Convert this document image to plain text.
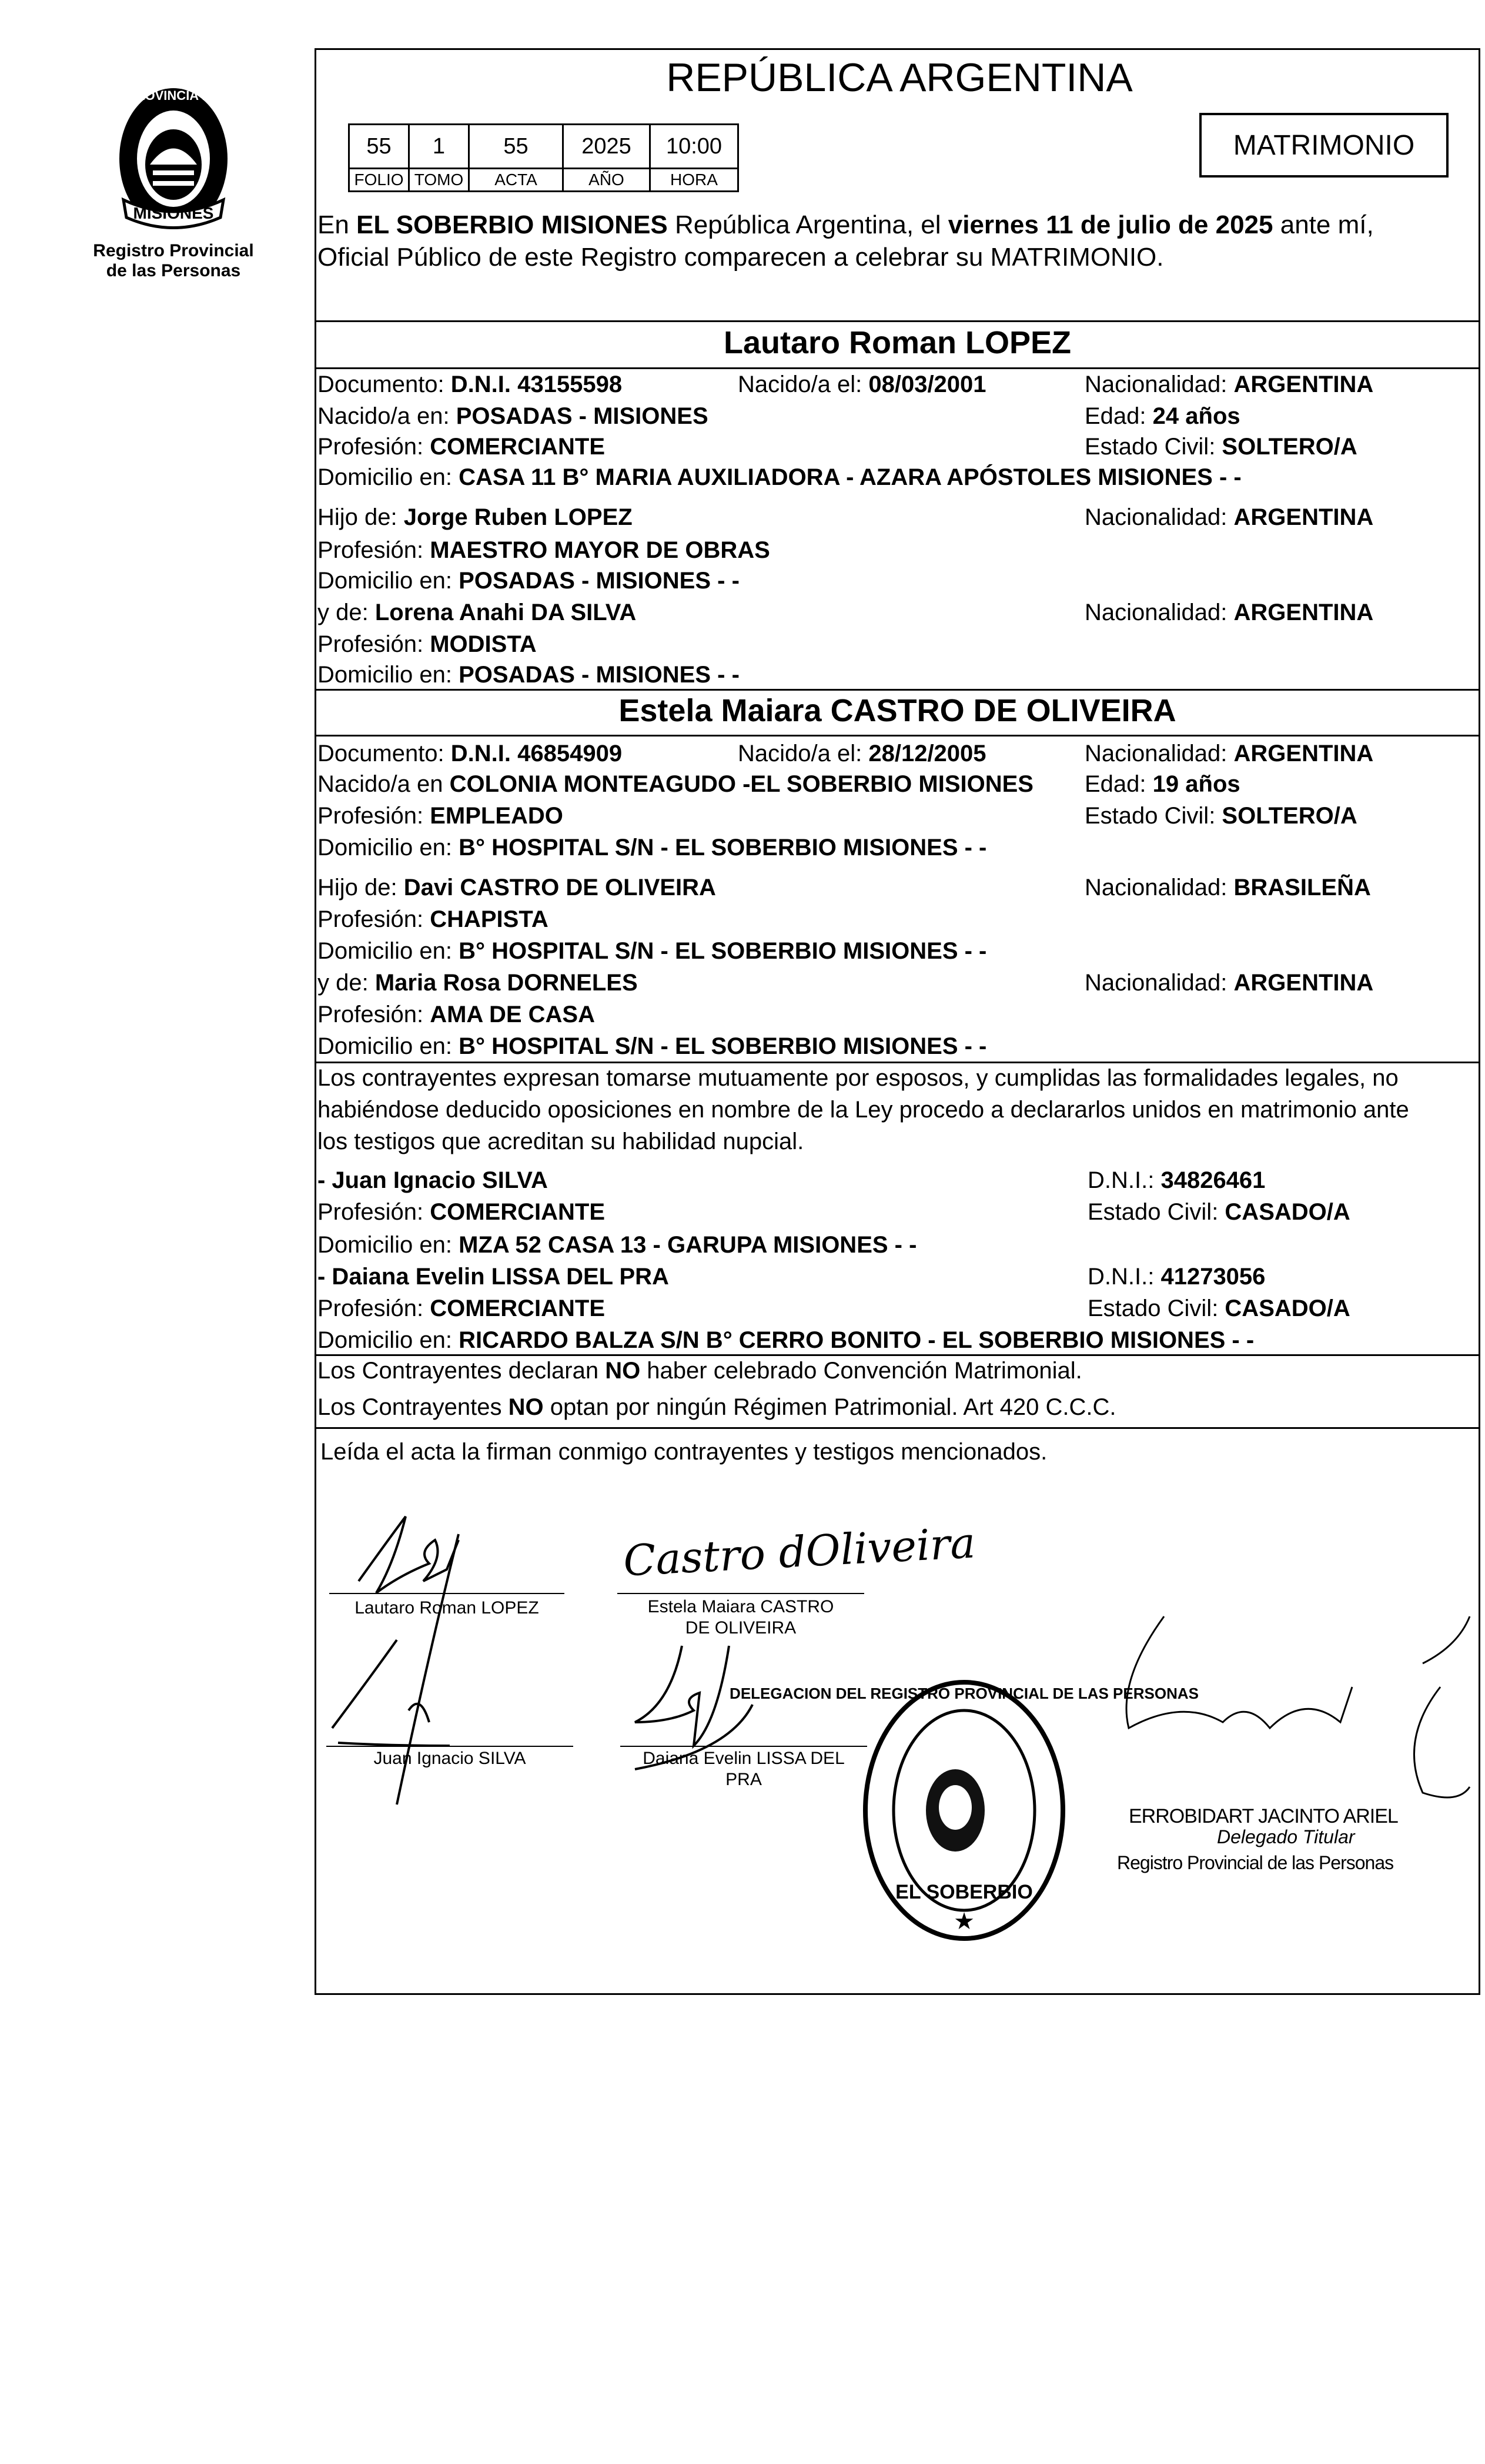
MISIONES
PROVINCIA DE
Registro Provincial
de las Personas
REPÚBLICA ARGENTINA
55
FOLIO
1
TOMO
55
ACTA
2025
AÑO
10:00
HORA
MATRIMONIO
En EL SOBERBIO MISIONES República Argentina, el viernes 11 de julio de 2025 ante mí,
Oficial Público de este Registro comparecen a celebrar su MATRIMONIO.
Lautaro Roman LOPEZ
Documento: D.N.I. 43155598	Nacido/a el: 08/03/2001	Nacionalidad: ARGENTINA
Nacido/a en: POSADAS - MISIONES	Edad: 24 años
Profesión: COMERCIANTE	Estado Civil: SOLTERO/A
Domicilio en: CASA 11 B° MARIA AUXILIADORA - AZARA APÓSTOLES MISIONES - -
Hijo de: Jorge Ruben LOPEZ	Nacionalidad: ARGENTINA
Profesión: MAESTRO MAYOR DE OBRAS
Domicilio en: POSADAS - MISIONES - -
y de: Lorena Anahi DA SILVA	Nacionalidad: ARGENTINA
Profesión: MODISTA
Domicilio en: POSADAS - MISIONES - -
Estela Maiara CASTRO DE OLIVEIRA
Documento: D.N.I. 46854909	Nacido/a el: 28/12/2005	Nacionalidad: ARGENTINA
Nacido/a en COLONIA MONTEAGUDO -EL SOBERBIO MISIONES Edad: 19 años
Profesión: EMPLEADO	Estado Civil: SOLTERO/A
Domicilio en: B° HOSPITAL S/N - EL SOBERBIO MISIONES - -
Hijo de: Davi CASTRO DE OLIVEIRA	Nacionalidad: BRASILEÑA
Profesión: CHAPISTA
Domicilio en: B° HOSPITAL S/N - EL SOBERBIO MISIONES - -
y de: Maria Rosa DORNELES	Nacionalidad: ARGENTINA
Profesión: AMA DE CASA
Domicilio en: B° HOSPITAL S/N - EL SOBERBIO MISIONES - -
Los contrayentes expresan tomarse mutuamente por esposos, y cumplidas las formalidades legales, no
habiéndose deducido oposiciones en nombre de la Ley procedo a declararlos unidos en matrimonio ante
los testigos que acreditan su habilidad nupcial.
- Juan Ignacio SILVA	D.N.I.: 34826461
Profesión: COMERCIANTE	Estado Civil: CASADO/A
Domicilio en: MZA 52 CASA 13 - GARUPA MISIONES - -
- Daiana Evelin LISSA DEL PRA	D.N.I.: 41273056
Profesión: COMERCIANTE	Estado Civil: CASADO/A
Domicilio en: RICARDO BALZA S/N B° CERRO BONITO - EL SOBERBIO MISIONES - -
Los Contrayentes declaran NO haber celebrado Convención Matrimonial.
Los Contrayentes NO optan por ningún Régimen Patrimonial. Art 420 C.C.C.
Leída el acta la firman conmigo contrayentes y testigos mencionados.
Lautaro Roman LOPEZ	Estela Maiara CASTRO
DE OLIVEIRA
Juan Ignacio SILVA	Daiana Evelin LISSA DEL
PRA
Castro dOliveira
DELEGACION DEL REGISTRO PROVINCIAL DE LAS PERSONAS
EL SOBERBIO
★
ERROBIDART JACINTO ARIEL
Delegado Titular
Registro Provincial de las Personas
